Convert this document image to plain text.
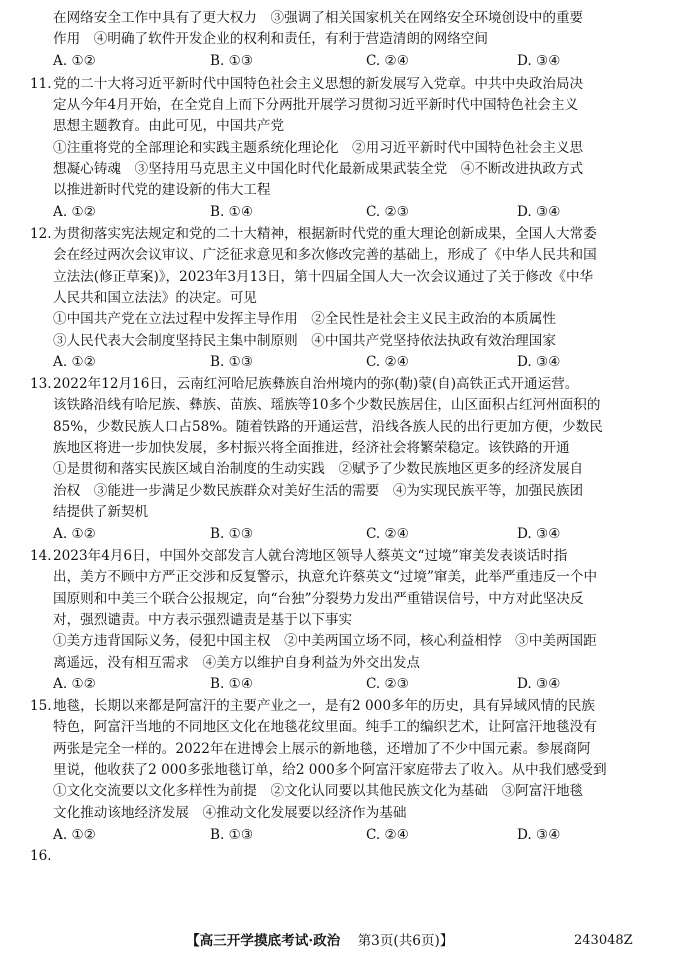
在网络安全工作中具有了更大权力　③强调了相关国家机关在网络安全环境创设中的重要
作用　④明确了软件开发企业的权利和责任，有利于营造清朗的网络空间
A. ①②	B. ①③	C. ②④	D. ③④
11. 党的二十大将习近平新时代中国特色社会主义思想的新发展写入党章。中共中央政治局决
定从今年4月开始，在全党自上而下分两批开展学习贯彻习近平新时代中国特色社会主义
思想主题教育。由此可见，中国共产党
①注重将党的全部理论和实践主题系统化理论化　②用习近平新时代中国特色社会主义思
想凝心铸魂　③坚持用马克思主义中国化时代化最新成果武装全党　④不断改进执政方式
以推进新时代党的建设新的伟大工程
A. ①②	B. ①④	C. ②③	D. ③④
12. 为贯彻落实宪法规定和党的二十大精神，根据新时代党的重大理论创新成果，全国人大常委
会在经过两次会议审议、广泛征求意见和多次修改完善的基础上，形成了《中华人民共和国
立法法(修正草案)》，2023年3月13日，第十四届全国人大一次会议通过了关于修改《中华
人民共和国立法法》的决定。可见
①中国共产党在立法过程中发挥主导作用　②全民性是社会主义民主政治的本质属性
③人民代表大会制度坚持民主集中制原则　④中国共产党坚持依法执政有效治理国家
A. ①②	B. ①③	C. ②④	D. ③④
13. 2022年12月16日，云南红河哈尼族彝族自治州境内的弥(勒)蒙(自)高铁正式开通运营。
该铁路沿线有哈尼族、彝族、苗族、瑶族等10多个少数民族居住，山区面积占红河州面积的
85%，少数民族人口占58%。随着铁路的开通运营，沿线各族人民的出行更加方便，少数民
族地区将进一步加快发展，多村振兴将全面推进，经济社会将繁荣稳定。该铁路的开通
①是贯彻和落实民族区域自治制度的生动实践　②赋予了少数民族地区更多的经济发展自
治权　③能进一步满足少数民族群众对美好生活的需要　④为实现民族平等，加强民族团
结提供了新契机
A. ①②	B. ①③	C. ②④	D. ③④
14. 2023年4月6日，中国外交部发言人就台湾地区领导人蔡英文“过境”窜美发表谈话时指
出，美方不顾中方严正交涉和反复警示，执意允许蔡英文“过境”窜美，此举严重违反一个中
国原则和中美三个联合公报规定，向“台独”分裂势力发出严重错误信号，中方对此坚决反
对，强烈谴责。中方表示强烈谴责是基于以下事实
①美方违背国际义务，侵犯中国主权　②中美两国立场不同，核心利益相悖　③中美两国距
离遥远，没有相互需求　④美方以维护自身利益为外交出发点
A. ①②	B. ①④	C. ②③	D. ③④
15. 地毯，长期以来都是阿富汗的主要产业之一，是有2 000多年的历史，具有异域风情的民族
特色，阿富汗当地的不同地区文化在地毯花纹里面。纯手工的编织艺术，让阿富汗地毯没有
两张是完全一样的。2022年在进博会上展示的新地毯，还增加了不少中国元素。参展商阿
里说，他收获了2 000多张地毯订单，给2 000多个阿富汗家庭带去了收入。从中我们感受到
①文化交流要以文化多样性为前提　②文化认同要以其他民族文化为基础　③阿富汗地毯
文化推动该地经济发展　④推动文化发展要以经济作为基础
A. ①②	B. ①③	C. ②④	D. ③④
16.
【高三开学摸底考试·政治 第3页(共6页)】	243048Z
